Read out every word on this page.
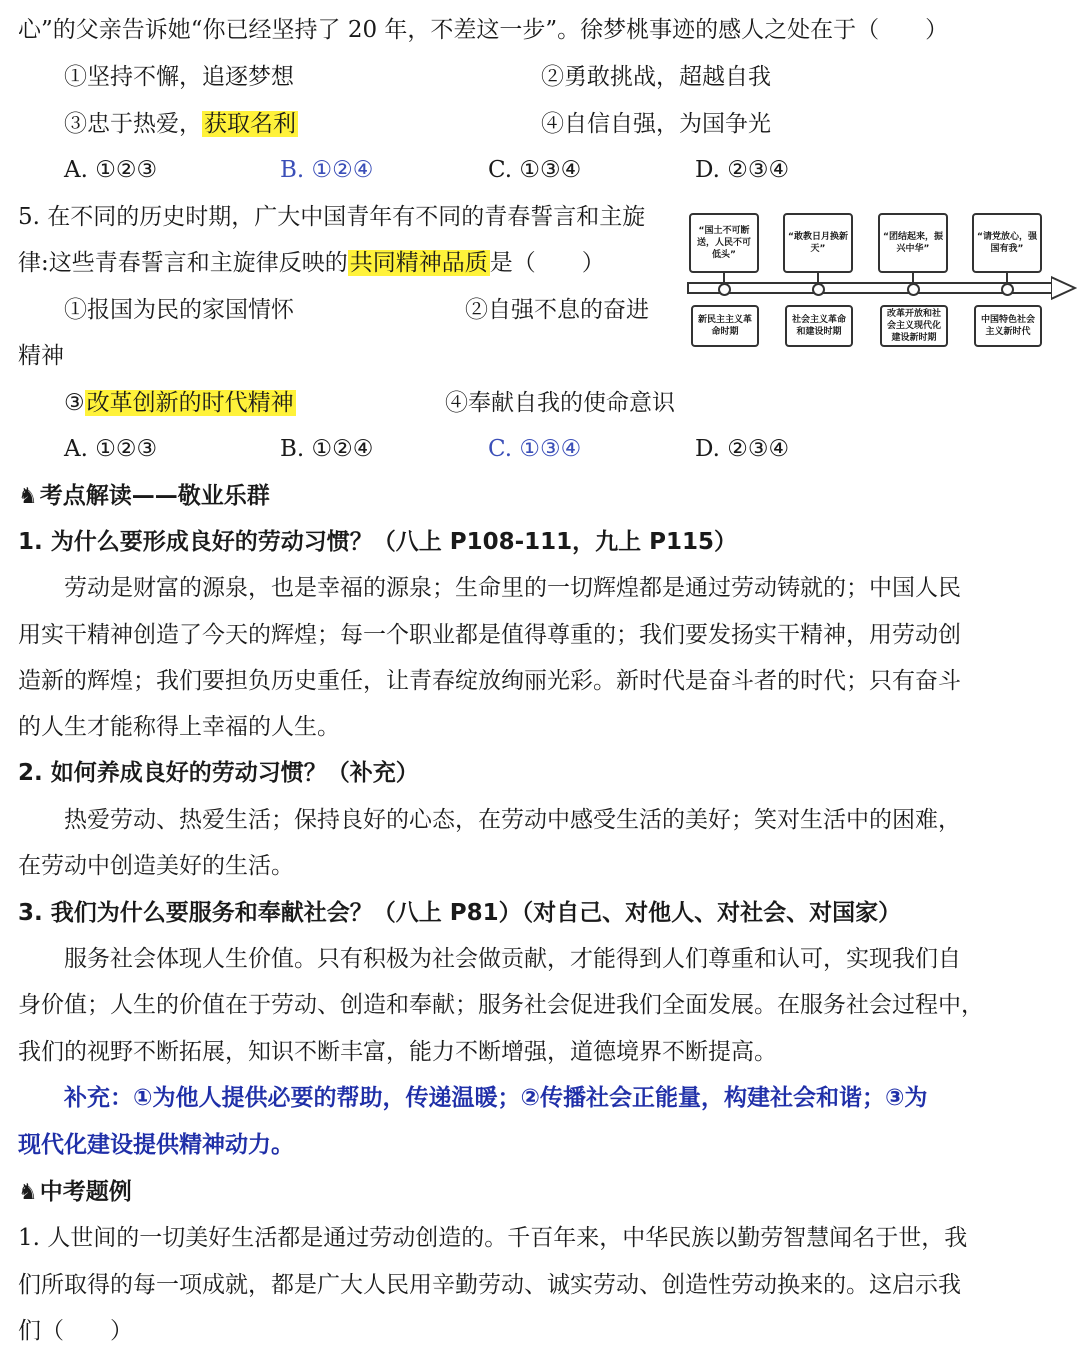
心”的父亲告诉她“你已经坚持了 20 年，不差这一步”。徐梦桃事迹的感人之处在于（　　）
①坚持不懈，追逐梦想	②勇敢挑战，超越自我
③忠于热爱，获取名利	④自信自强，为国争光
A. ①②③	B. ①②④	C. ①③④	D. ②③④
5. 在不同的历史时期，广大中国青年有不同的青春誓言和主旋
律:这些青春誓言和主旋律反映的共同精神品质是（　　）
①报国为民的家国情怀	②自强不息的奋进
精神
③改革创新的时代精神	④奉献自我的使命意识
A. ①②③	B. ①②④	C. ①③④	D. ②③④
“国土不可断送，人民不可低头”
“敢教日月换新天”
“团结起来，振兴中华”
“请党放心，强国有我”
新民主主义革命时期
社会主义革命和建设时期
改革开放和社会主义现代化建设新时期
中国特色社会主义新时代
♞考点解读——敬业乐群
1. 为什么要形成良好的劳动习惯？（八上 P108-111，九上 P115）
劳动是财富的源泉，也是幸福的源泉；生命里的一切辉煌都是通过劳动铸就的；中国人民
用实干精神创造了今天的辉煌；每一个职业都是值得尊重的；我们要发扬实干精神，用劳动创
造新的辉煌；我们要担负历史重任，让青春绽放绚丽光彩。新时代是奋斗者的时代；只有奋斗
的人生才能称得上幸福的人生。
2. 如何养成良好的劳动习惯？（补充）
热爱劳动、热爱生活；保持良好的心态，在劳动中感受生活的美好；笑对生活中的困难，
在劳动中创造美好的生活。
3. 我们为什么要服务和奉献社会？（八上 P81）（对自己、对他人、对社会、对国家）
服务社会体现人生价值。只有积极为社会做贡献，才能得到人们尊重和认可，实现我们自
身价值；人生的价值在于劳动、创造和奉献；服务社会促进我们全面发展。在服务社会过程中，
我们的视野不断拓展，知识不断丰富，能力不断增强，道德境界不断提高。
补充：①为他人提供必要的帮助，传递温暖；②传播社会正能量，构建社会和谐；③为
现代化建设提供精神动力。
♞中考题例
1. 人世间的一切美好生活都是通过劳动创造的。千百年来，中华民族以勤劳智慧闻名于世，我
们所取得的每一项成就，都是广大人民用辛勤劳动、诚实劳动、创造性劳动换来的。这启示我
们（　　）
